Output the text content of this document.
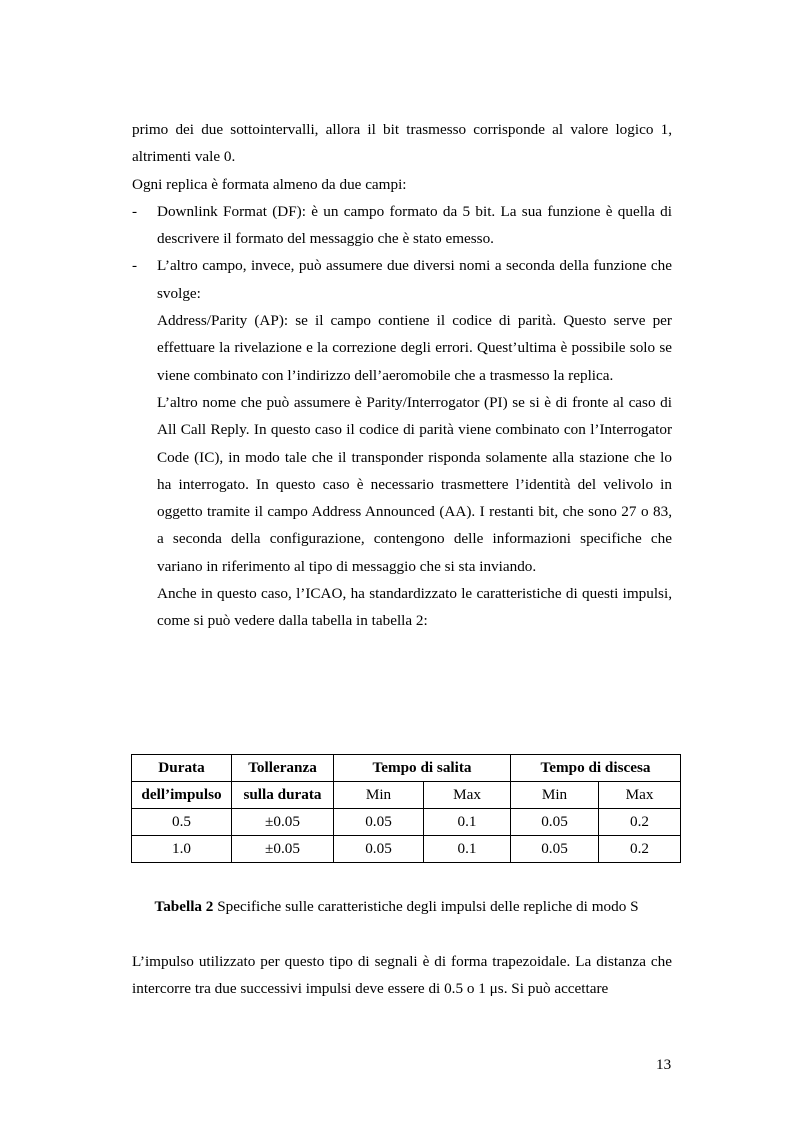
primo dei due sottointervalli, allora il bit trasmesso corrisponde al valore logico 1, altrimenti vale 0.

Ogni replica è formata almeno da due campi:

- Downlink Format (DF): è un campo formato da 5 bit. La sua funzione è quella di descrivere il formato del messaggio che è stato emesso.
- L’altro campo, invece, può assumere due diversi nomi a seconda della funzione che svolge:

Address/Parity (AP): se il campo contiene il codice di parità. Questo serve per effettuare la rivelazione e la correzione degli errori. Quest’ultima è possibile solo se viene combinato con l’indirizzo dell’aeromobile che a trasmesso la replica.

L’altro nome che può assumere è Parity/Interrogator (PI) se si è di fronte al caso di All Call Reply. In questo caso il codice di parità viene combinato con l’Interrogator Code (IC), in modo tale che il transponder risponda solamente alla stazione che lo ha interrogato. In questo caso è necessario trasmettere l’identità del velivolo in oggetto tramite il campo Address Announced (AA). I restanti bit, che sono 27 o 83, a seconda della configurazione, contengono delle informazioni specifiche che variano in riferimento al tipo di messaggio che si sta inviando.

Anche in questo caso, l’ICAO, ha standardizzato le caratteristiche di questi impulsi, come si può vedere dalla tabella in tabella 2:

Durata	Tolleranza	Tempo di salita		Tempo di discesa	
dell’impulso	sulla durata	Min	Max	Min	Max
0.5	±0.05	0.05	0.1	0.05	0.2
1.0	±0.05	0.05	0.1	0.05	0.2
Tabella 2 Specifiche sulle caratteristiche degli impulsi delle repliche di modo S

L’impulso utilizzato per questo tipo di segnali è di forma trapezoidale. La distanza che intercorre tra due successivi impulsi deve essere di 0.5 o 1 μs. Si può accettare

13
